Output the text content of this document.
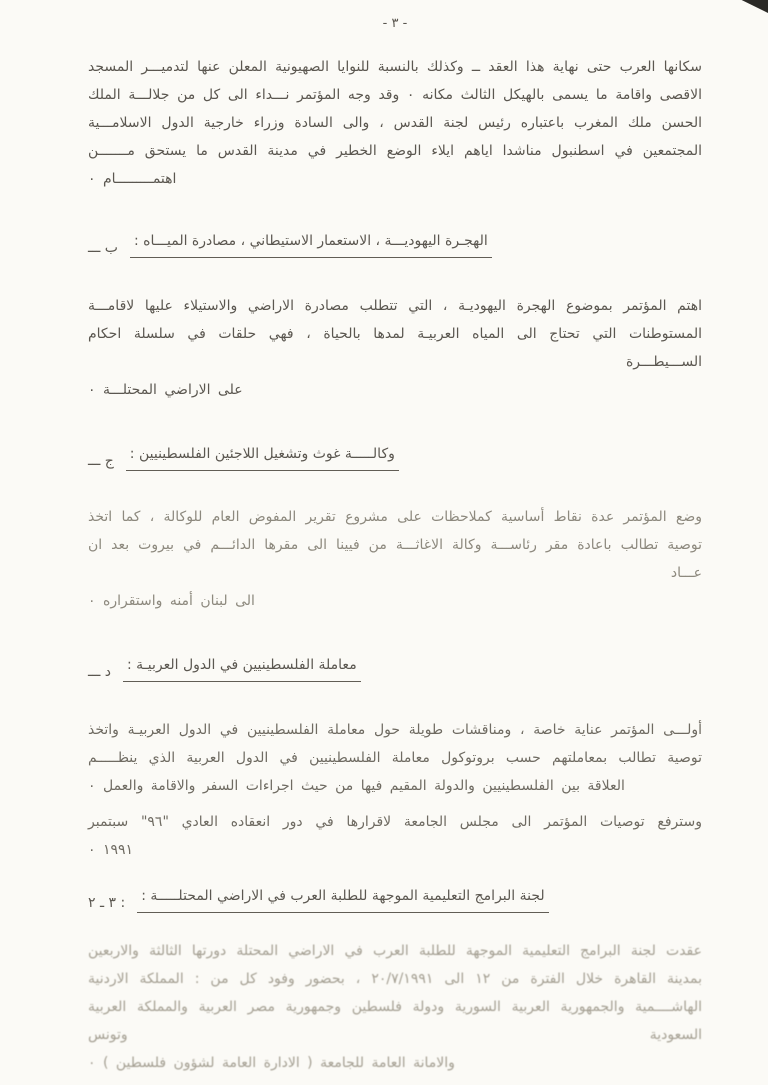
- ٣ -
سكانها العرب حتى نهاية هذا العقد ــ وكذلك بالنسبة للنوايا الصهيونية المعلن عنها لتدميـــر المسجد الاقصى واقامة ما يسمى بالهيكل الثالث مكانه ٠ وقد وجه المؤتمر نـــداء الى كل من جلالـــة الملك الحسن ملك المغرب باعتباره رئيس لجنة القدس ، والى السادة وزراء خارجية الدول الاسلامـــية المجتمعين في اسطنبول مناشدا اياهم ايلاء الوضع الخطير في مدينة القدس ما يستحق مـــــــن
اهتمـــــــــام ٠
ب ـــ الهجـرة اليهوديـــة ، الاستعمار الاستيطاني ، مصادرة الميـــاه :
اهتم المؤتمر بموضوع الهجرة اليهوديـة ، التي تتطلب مصادرة الاراضي والاستيلاء عليها لاقامـــة المستوطنات التي تحتاج الى المياه العربيـة لمدها بالحياة ، فهي حلقات في سلسلة احكام الســـيطـــرة
على الاراضي المحتلـــة ٠
ج ـــ وكالـــــة غوث وتشغيل اللاجئين الفلسطينيين :
وضع المؤتمر عدة نقاط أساسية كملاحظات على مشروع تقرير المفوض العام للوكالة ، كما اتخذ توصية تطالب باعادة مقر رئاســـة وكالة الاغاثـــة من فيينا الى مقرها الدائـــم في بيروت بعد ان عـــاد
الى لبنان أمنه واستقراره ٠
د ـــ معاملة الفلسطينيين في الدول العربيـة :
أولـــى المؤتمر عناية خاصة ، ومناقشات طويلة حول معاملة الفلسطينيين في الدول العربيـة واتخذ توصية تطالب بمعاملتهم حسب بروتوكول معاملة الفلسطينيين في الدول العربية الذي ينظـــــم
العلاقة بين الفلسطينيين والدولة المقيم فيها من حيث اجراءات السفر والاقامة والعمل ٠
وسترفع توصيات المؤتمر الى مجلس الجامعة لاقرارها في دور انعقاده العادي "٩٦" سبتمبر
١٩٩١ ٠
٣ ـ ٢ : لجنة البرامج التعليمية الموجهة للطلبة العرب في الاراضي المحتلـــــة :
عقدت لجنة البرامج التعليمية الموجهة للطلبة العرب في الاراضي المحتلة دورتها الثالثة والاربعين بمدينة القاهرة خلال الفترة من ١٢ الى ٢٠/٧/١٩٩١ ، بحضور وفود كل من : المملكة الاردنية الهاشــــمية والجمهورية العربية السورية ودولة فلسطين وجمهورية مصر العربية والمملكة العربية السعودية وتونس
والامانة العامة للجامعة ( الادارة العامة لشؤون فلسطين ) ٠
